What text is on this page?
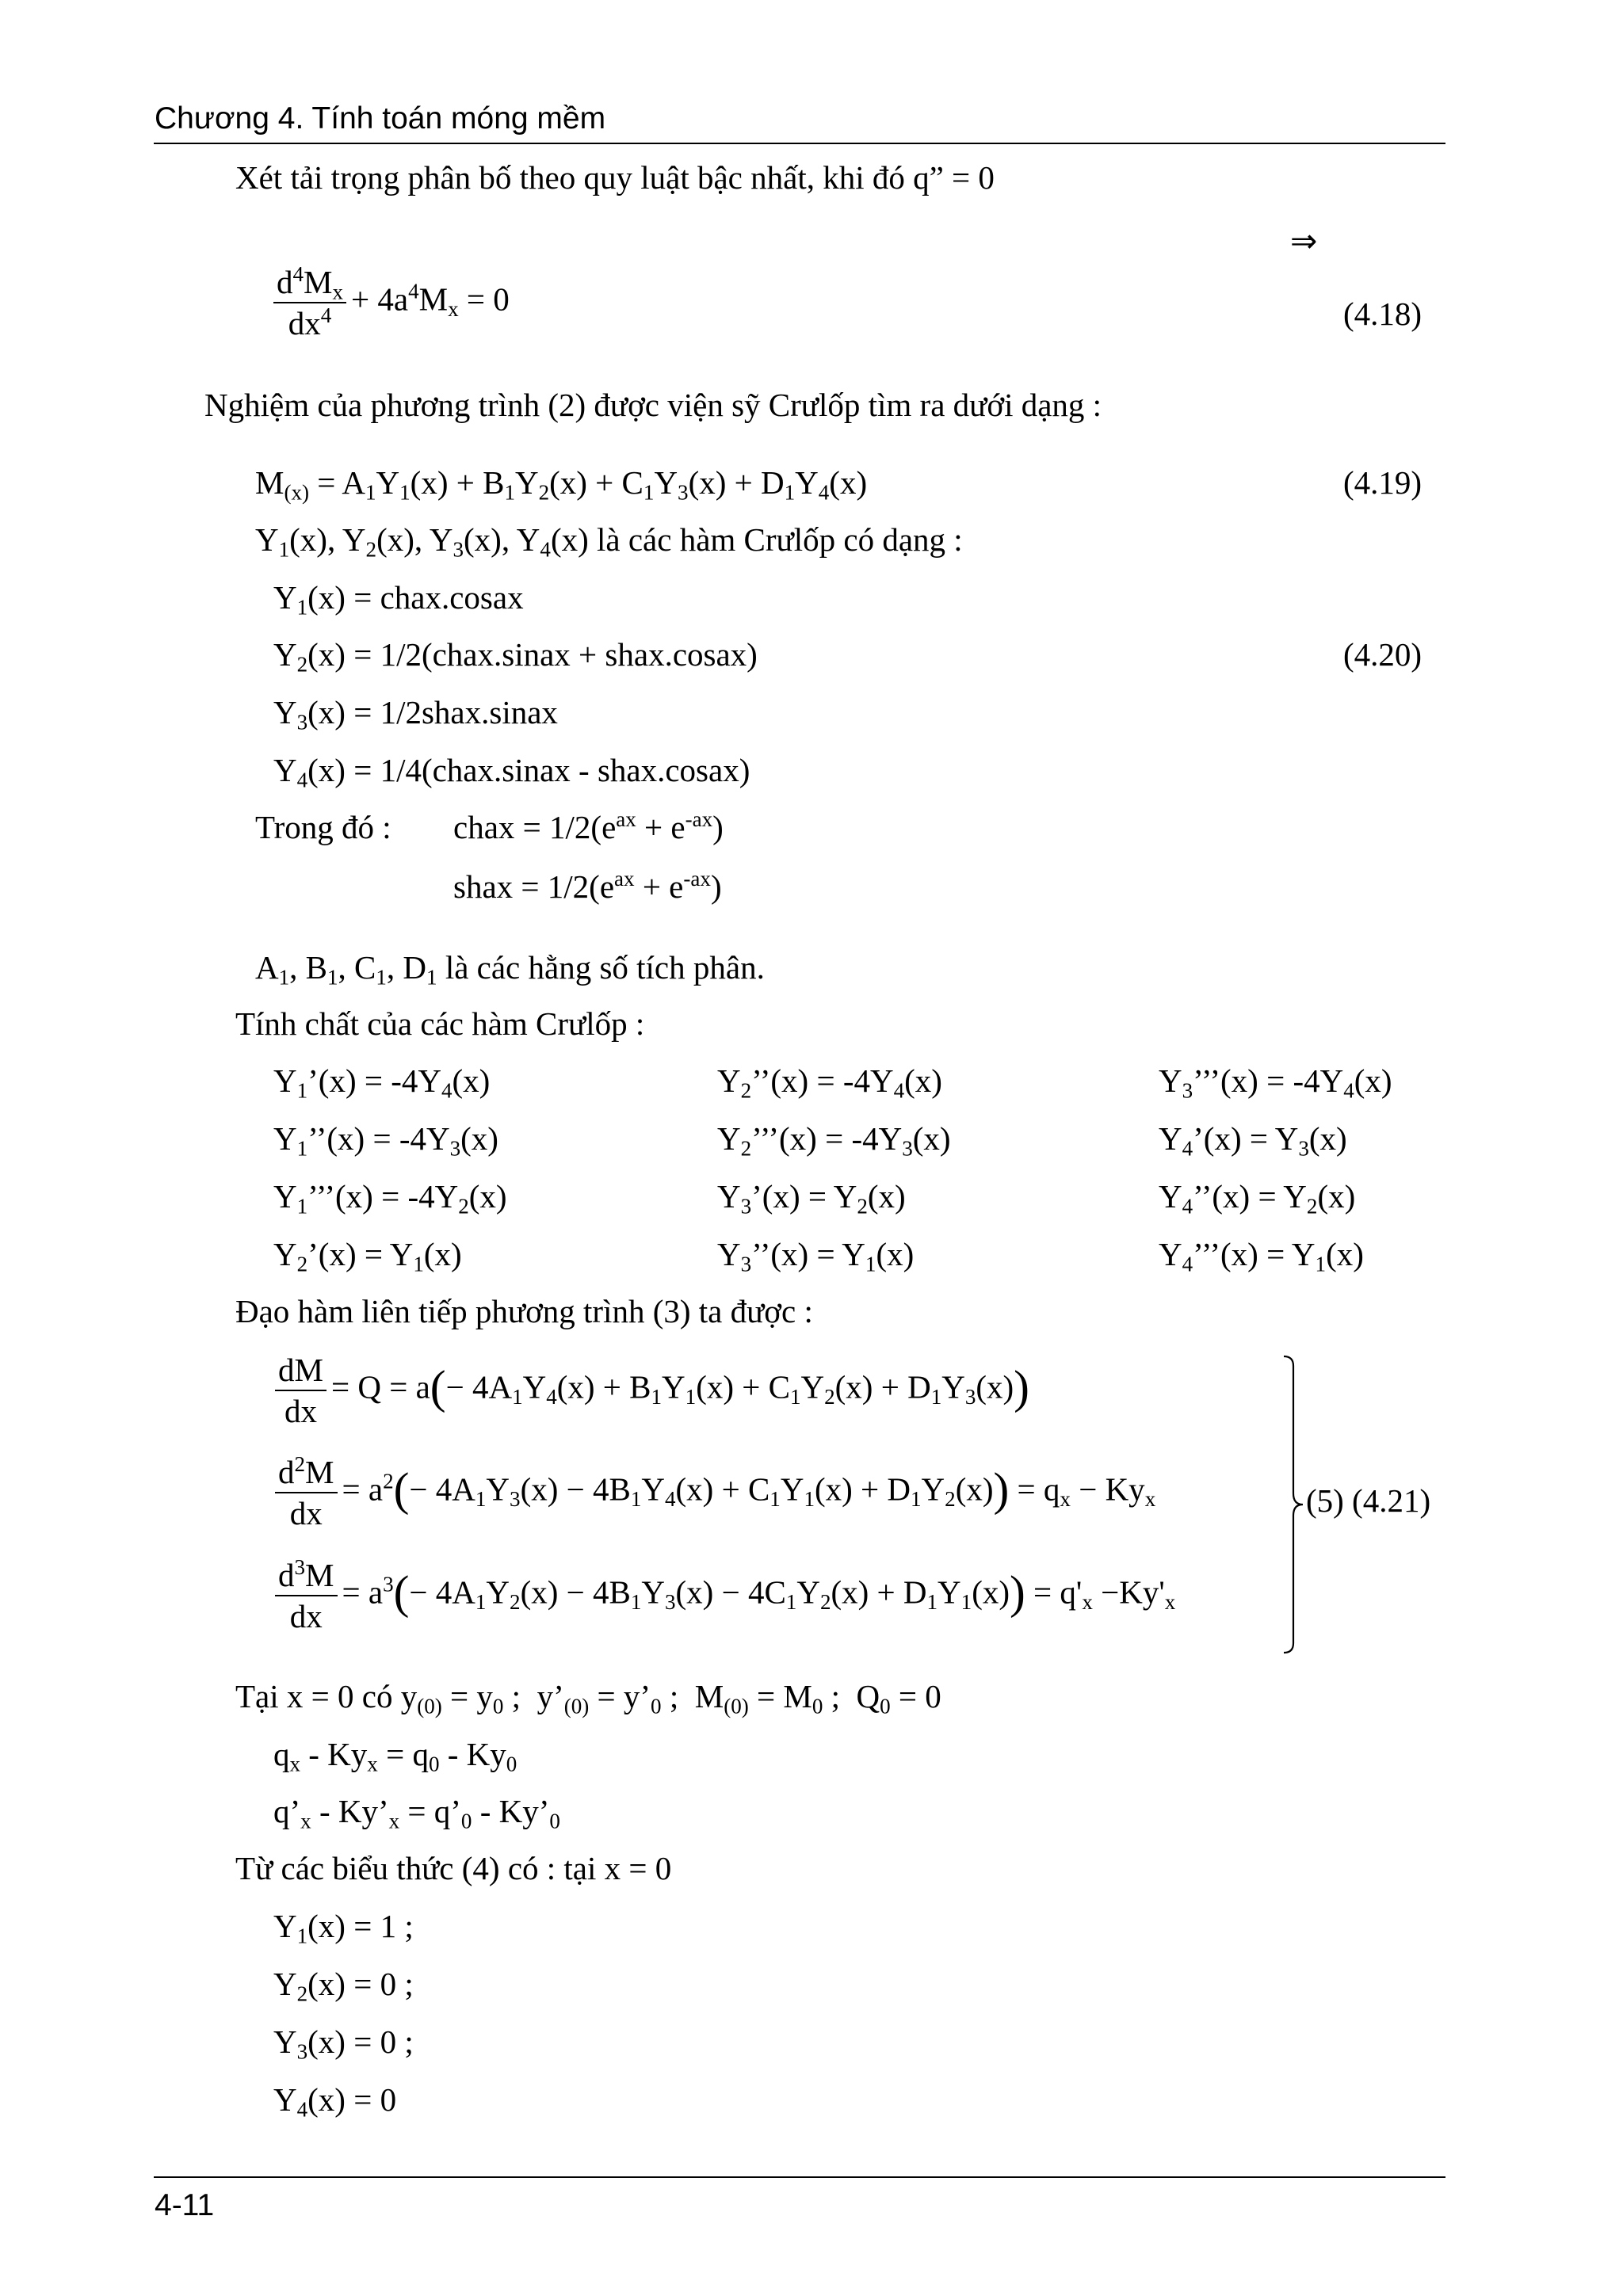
Chương 4. Tính toán móng mềm
Xét tải trọng phân bố theo quy luật bậc nhất, khi đó q” = 0
⇒
$\frac{d^4M_x}{dx^4} + 4a^4M_x = 0$	(4.18)
Nghiệm của phương trình (2) được viện sỹ Crưlốp tìm ra dưới dạng :
$M_{(x)} = A_1Y_1(x) + B_1Y_2(x) + C_1Y_3(x) + D_1Y_4(x)$	(4.19)
$Y_1(x)$, $Y_2(x)$, $Y_3(x)$, $Y_4(x)$ là các hàm Crưlốp có dạng :
$Y_1(x)$ = chax.cosax
$Y_2(x)$ = 1/2(chax.sinax + shax.cosax)	(4.20)
$Y_3(x)$ = 1/2shax.sinax
$Y_4(x)$ = 1/4(chax.sinax - shax.cosax)
Trong đó : chax = $1/2(e^{ax} + e^{-ax})$
shax = $1/2(e^{ax} + e^{-ax})$
$A_1$, $B_1$, $C_1$, $D_1$ là các hằng số tích phân.
Tính chất của các hàm Crưlốp :
$Y_1’(x) = -4Y_4(x)$	$Y_2’’(x) = -4Y_4(x)$	$Y_3’’’(x) = -4Y_4(x)$
$Y_1’’(x) = -4Y_3(x)$	$Y_2’’’(x) = -4Y_3(x)$	$Y_4’(x) = Y_3(x)$
$Y_1’’’(x) = -4Y_2(x)$	$Y_3’(x) = Y_2(x)$	$Y_4’’(x) = Y_2(x)$
$Y_2’(x) = Y_1(x)$	$Y_3’’(x) = Y_1(x)$	$Y_4’’’(x) = Y_1(x)$
Đạo hàm liên tiếp phương trình (3) ta được :
$\frac{dM}{dx} = Q = a(- 4A_1Y_4(x) + B_1Y_1(x) + C_1Y_2(x) + D_1Y_3(x))$
$\frac{d^2M}{dx} = a^2(- 4A_1Y_3(x) - 4B_1Y_4(x) + C_1Y_1(x) + D_1Y_2(x)) = q_x - Ky_x$
$\frac{d^3M}{dx} = a^3(- 4A_1Y_2(x) - 4B_1Y_3(x) - 4C_1Y_2(x) + D_1Y_1(x)) = q'_x -Ky'_x$
(5) (4.21)
Tại x = 0 có $y_{(0)} = y_0$ ;  $y’_{(0)}$ = $y’_0$ ;  $M_{(0)} = M_0$ ;  $Q_0 = 0$
$q_x - Ky_x = q_0 - Ky_0$
$q’_x$ - $Ky’_x$ = $q’_0$ - $Ky’_0$
Từ các biểu thức (4) có : tại x = 0
$Y_1(x) = 1$ ;
$Y_2(x) = 0$ ;
$Y_3(x) = 0$ ;
$Y_4(x) = 0$
4-11
